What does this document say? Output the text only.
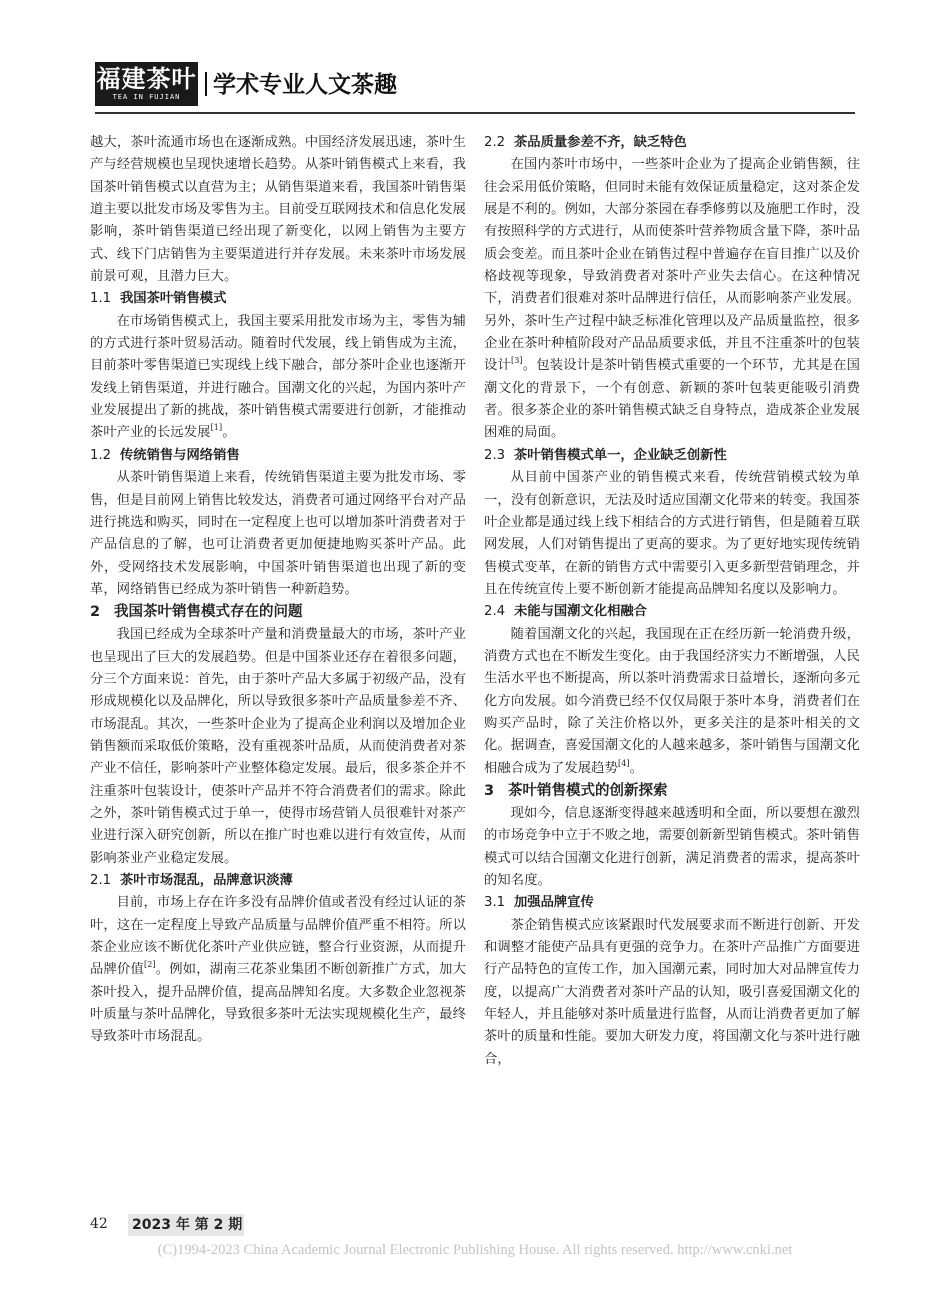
福建茶叶
TEA IN FUJIAN	学术专业人文茶趣

越大，茶叶流通市场也在逐渐成熟。中国经济发展迅速，茶叶生产与经营规模也呈现快速增长趋势。从茶叶销售模式上来看，我国茶叶销售模式以直营为主；从销售渠道来看，我国茶叶销售渠道主要以批发市场及零售为主。目前受互联网技术和信息化发展影响，茶叶销售渠道已经出现了新变化，以网上销售为主要方式、线下门店销售为主要渠道进行并存发展。未来茶叶市场发展前景可观，且潜力巨大。

1.1 我国茶叶销售模式

在市场销售模式上，我国主要采用批发市场为主，零售为辅的方式进行茶叶贸易活动。随着时代发展，线上销售成为主流，目前茶叶零售渠道已实现线上线下融合，部分茶叶企业也逐渐开发线上销售渠道，并进行融合。国潮文化的兴起，为国内茶叶产业发展提出了新的挑战，茶叶销售模式需要进行创新，才能推动茶叶产业的长远发展[1]。

1.2 传统销售与网络销售

从茶叶销售渠道上来看，传统销售渠道主要为批发市场、零售，但是目前网上销售比较发达，消费者可通过网络平台对产品进行挑选和购买，同时在一定程度上也可以增加茶叶消费者对于产品信息的了解，也可让消费者更加便捷地购买茶叶产品。此外，受网络技术发展影响，中国茶叶销售渠道也出现了新的变革，网络销售已经成为茶叶销售一种新趋势。

2 我国茶叶销售模式存在的问题

我国已经成为全球茶叶产量和消费量最大的市场，茶叶产业也呈现出了巨大的发展趋势。但是中国茶业还存在着很多问题，分三个方面来说：首先，由于茶叶产品大多属于初级产品，没有形成规模化以及品牌化，所以导致很多茶叶产品质量参差不齐、市场混乱。其次，一些茶叶企业为了提高企业利润以及增加企业销售额而采取低价策略，没有重视茶叶品质，从而使消费者对茶产业不信任，影响茶叶产业整体稳定发展。最后，很多茶企并不注重茶叶包装设计，使茶叶产品并不符合消费者们的需求。除此之外，茶叶销售模式过于单一，使得市场营销人员很难针对茶产业进行深入研究创新，所以在推广时也难以进行有效宣传，从而影响茶业产业稳定发展。

2.1 茶叶市场混乱，品牌意识淡薄

目前，市场上存在许多没有品牌价值或者没有经过认证的茶叶，这在一定程度上导致产品质量与品牌价值严重不相符。所以茶企业应该不断优化茶叶产业供应链，整合行业资源，从而提升品牌价值[2]。例如，湖南三花茶业集团不断创新推广方式，加大茶叶投入，提升品牌价值，提高品牌知名度。大多数企业忽视茶叶质量与茶叶品牌化，导致很多茶叶无法实现规模化生产，最终导致茶叶市场混乱。

2.2 茶品质量参差不齐，缺乏特色

在国内茶叶市场中，一些茶叶企业为了提高企业销售额，往往会采用低价策略，但同时未能有效保证质量稳定，这对茶企发展是不利的。例如，大部分茶园在春季修剪以及施肥工作时，没有按照科学的方式进行，从而使茶叶营养物质含量下降，茶叶品质会变差。而且茶叶企业在销售过程中普遍存在盲目推广以及价格歧视等现象，导致消费者对茶叶产业失去信心。在这种情况下，消费者们很难对茶叶品牌进行信任，从而影响茶产业发展。另外，茶叶生产过程中缺乏标准化管理以及产品质量监控，很多企业在茶叶种植阶段对产品品质要求低，并且不注重茶叶的包装设计[3]。包装设计是茶叶销售模式重要的一个环节，尤其是在国潮文化的背景下，一个有创意、新颖的茶叶包装更能吸引消费者。很多茶企业的茶叶销售模式缺乏自身特点，造成茶企业发展困难的局面。

2.3 茶叶销售模式单一，企业缺乏创新性

从目前中国茶产业的销售模式来看，传统营销模式较为单一，没有创新意识，无法及时适应国潮文化带来的转变。我国茶叶企业都是通过线上线下相结合的方式进行销售，但是随着互联网发展，人们对销售提出了更高的要求。为了更好地实现传统销售模式变革，在新的销售方式中需要引入更多新型营销理念，并且在传统宣传上要不断创新才能提高品牌知名度以及影响力。

2.4 未能与国潮文化相融合

随着国潮文化的兴起，我国现在正在经历新一轮消费升级，消费方式也在不断发生变化。由于我国经济实力不断增强，人民生活水平也不断提高，所以茶叶消费需求日益增长，逐渐向多元化方向发展。如今消费已经不仅仅局限于茶叶本身，消费者们在购买产品时，除了关注价格以外，更多关注的是茶叶相关的文化。据调查，喜爱国潮文化的人越来越多，茶叶销售与国潮文化相融合成为了发展趋势[4]。

3 茶叶销售模式的创新探索

现如今，信息逐渐变得越来越透明和全面，所以要想在激烈的市场竞争中立于不败之地，需要创新新型销售模式。茶叶销售模式可以结合国潮文化进行创新，满足消费者的需求，提高茶叶的知名度。

3.1 加强品牌宣传

茶企销售模式应该紧跟时代发展要求而不断进行创新、开发和调整才能使产品具有更强的竞争力。在茶叶产品推广方面要进行产品特色的宣传工作，加入国潮元素，同时加大对品牌宣传力度，以提高广大消费者对茶叶产品的认知，吸引喜爱国潮文化的年轻人，并且能够对茶叶质量进行监督，从而让消费者更加了解茶叶的质量和性能。要加大研发力度，将国潮文化与茶叶进行融合，

42 2023 年 第 2 期
(C)1994-2023 China Academic Journal Electronic Publishing House. All rights reserved. http://www.cnki.net
